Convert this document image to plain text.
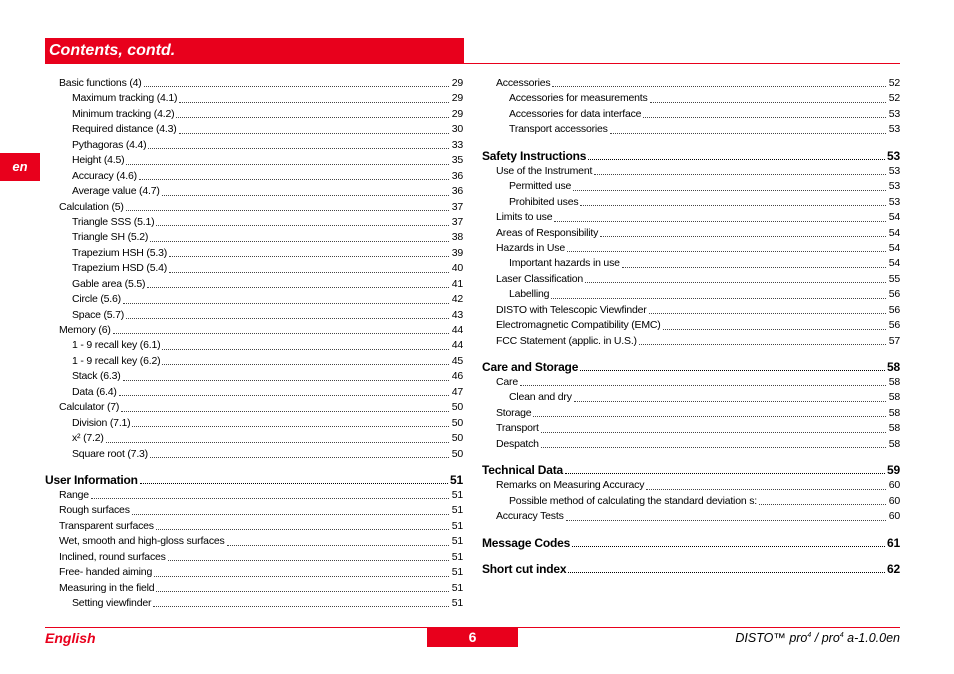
Contents, contd.
en
Basic functions (4)	29
Maximum tracking (4.1)	29
Minimum tracking (4.2)	29
Required distance (4.3)	30
Pythagoras (4.4)	33
Height (4.5)	35
Accuracy (4.6)	36
Average value (4.7)	36
Calculation (5)	37
Triangle SSS (5.1)	37
Triangle SH (5.2)	38
Trapezium HSH (5.3)	39
Trapezium HSD (5.4)	40
Gable area (5.5)	41
Circle (5.6)	42
Space (5.7)	43
Memory (6)	44
1 - 9 recall key (6.1)	44
1 - 9 recall key (6.2)	45
Stack (6.3)	46
Data (6.4)	47
Calculator (7)	50
Division (7.1)	50
x² (7.2)	50
Square root (7.3)	50
User Information	51
Range	51
Rough surfaces	51
Transparent surfaces	51
Wet, smooth and high-gloss surfaces	51
Inclined, round surfaces	51
Free- handed aiming	51
Measuring in the field	51
Setting viewfinder	51
Accessories	52
Accessories for measurements	52
Accessories for data interface	53
Transport accessories	53
Safety Instructions	53
Use of the Instrument	53
Permitted use	53
Prohibited uses	53
Limits to use	54
Areas of Responsibility	54
Hazards in Use	54
Important hazards in use	54
Laser Classification	55
Labelling	56
DISTO with Telescopic Viewfinder	56
Electromagnetic Compatibility (EMC)	56
FCC Statement (applic. in U.S.)	57
Care and Storage	58
Care	58
Clean and dry	58
Storage	58
Transport	58
Despatch	58
Technical Data	59
Remarks on Measuring Accuracy	60
Possible method of calculating the standard deviation s:	60
Accuracy Tests	60
Message Codes	61
Short cut index	62
English	6	DISTO™ pro$^4$ / pro$^4$ a-1.0.0en
